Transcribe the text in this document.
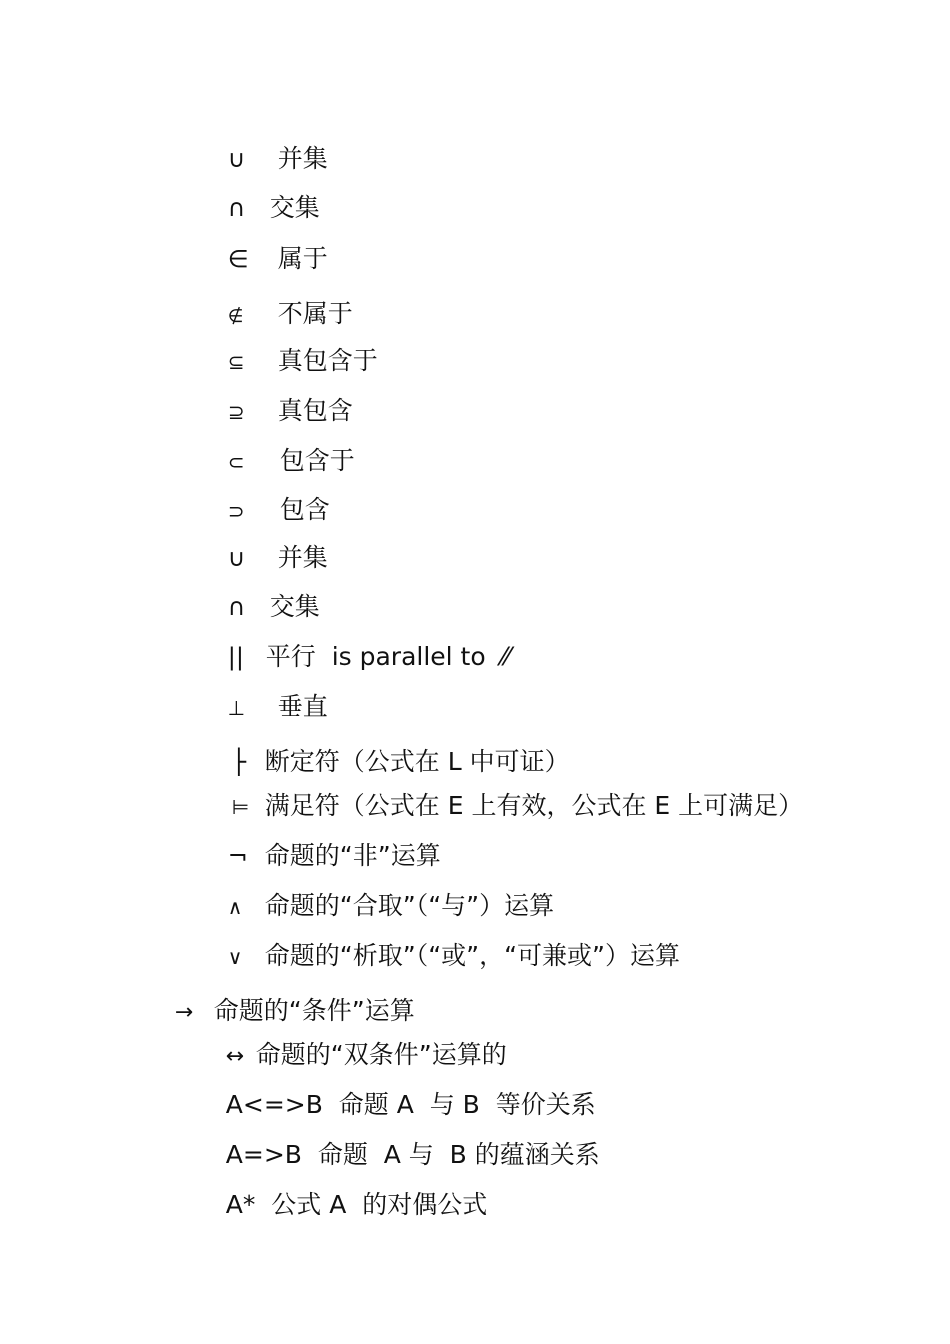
∪ 并集

∩ 交集

∈ 属于

∉ 不属于

⊆ 真包含于

⊇ 真包含

⊂ 包含于

⊃ 包含

∪ 并集

∩ 交集

|| 平行  is parallel to  ⁄⁄

⊥ 垂直

├ 断定符（公式在 L 中可证）

⊨ 满足符（公式在 E 上有效，公式在 E 上可满足）

¬ 命题的“非”运算

∧ 命题的“合取”（“与”）运算

∨ 命题的“析取”（“或”，“可兼或”）运算

→ 命题的“条件”运算

↔ 命题的“双条件”运算的

A<=>B  命题 A  与 B  等价关系

A=>B  命题  A 与  B 的蕴涵关系

A*  公式 A  的对偶公式
